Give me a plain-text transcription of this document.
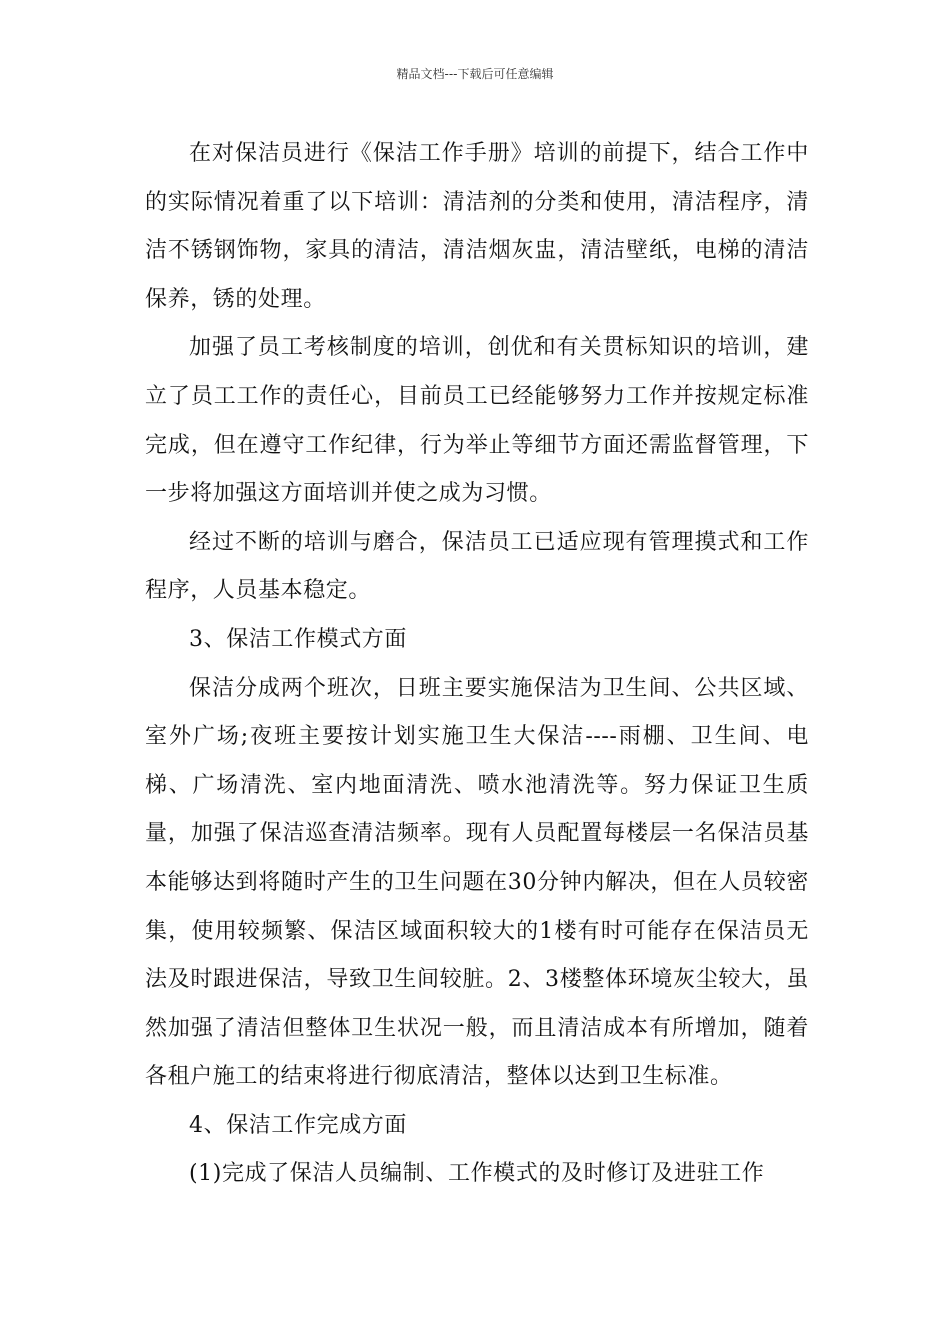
精品文档---下载后可任意编辑

在对保洁员进行《保洁工作手册》培训的前提下，结合工作中的实际情况着重了以下培训：清洁剂的分类和使用，清洁程序，清洁不锈钢饰物，家具的清洁，清洁烟灰盅，清洁壁纸，电梯的清洁保养，锈的处理。

加强了员工考核制度的培训，创优和有关贯标知识的培训，建立了员工工作的责任心，目前员工已经能够努力工作并按规定标准完成，但在遵守工作纪律，行为举止等细节方面还需监督管理，下一步将加强这方面培训并使之成为习惯。

经过不断的培训与磨合，保洁员工已适应现有管理摸式和工作程序，人员基本稳定。

3、保洁工作模式方面

保洁分成两个班次，日班主要实施保洁为卫生间、公共区域、室外广场;夜班主要按计划实施卫生大保洁----雨棚、卫生间、电梯、广场清洗、室内地面清洗、喷水池清洗等。努力保证卫生质量，加强了保洁巡查清洁频率。现有人员配置每楼层一名保洁员基本能够达到将随时产生的卫生问题在30分钟内解决，但在人员较密集，使用较频繁、保洁区域面积较大的1楼有时可能存在保洁员无法及时跟进保洁，导致卫生间较脏。2、3楼整体环境灰尘较大，虽然加强了清洁但整体卫生状况一般，而且清洁成本有所增加，随着各租户施工的结束将进行彻底清洁，整体以达到卫生标准。

4、保洁工作完成方面

(1)完成了保洁人员编制、工作模式的及时修订及进驻工作
